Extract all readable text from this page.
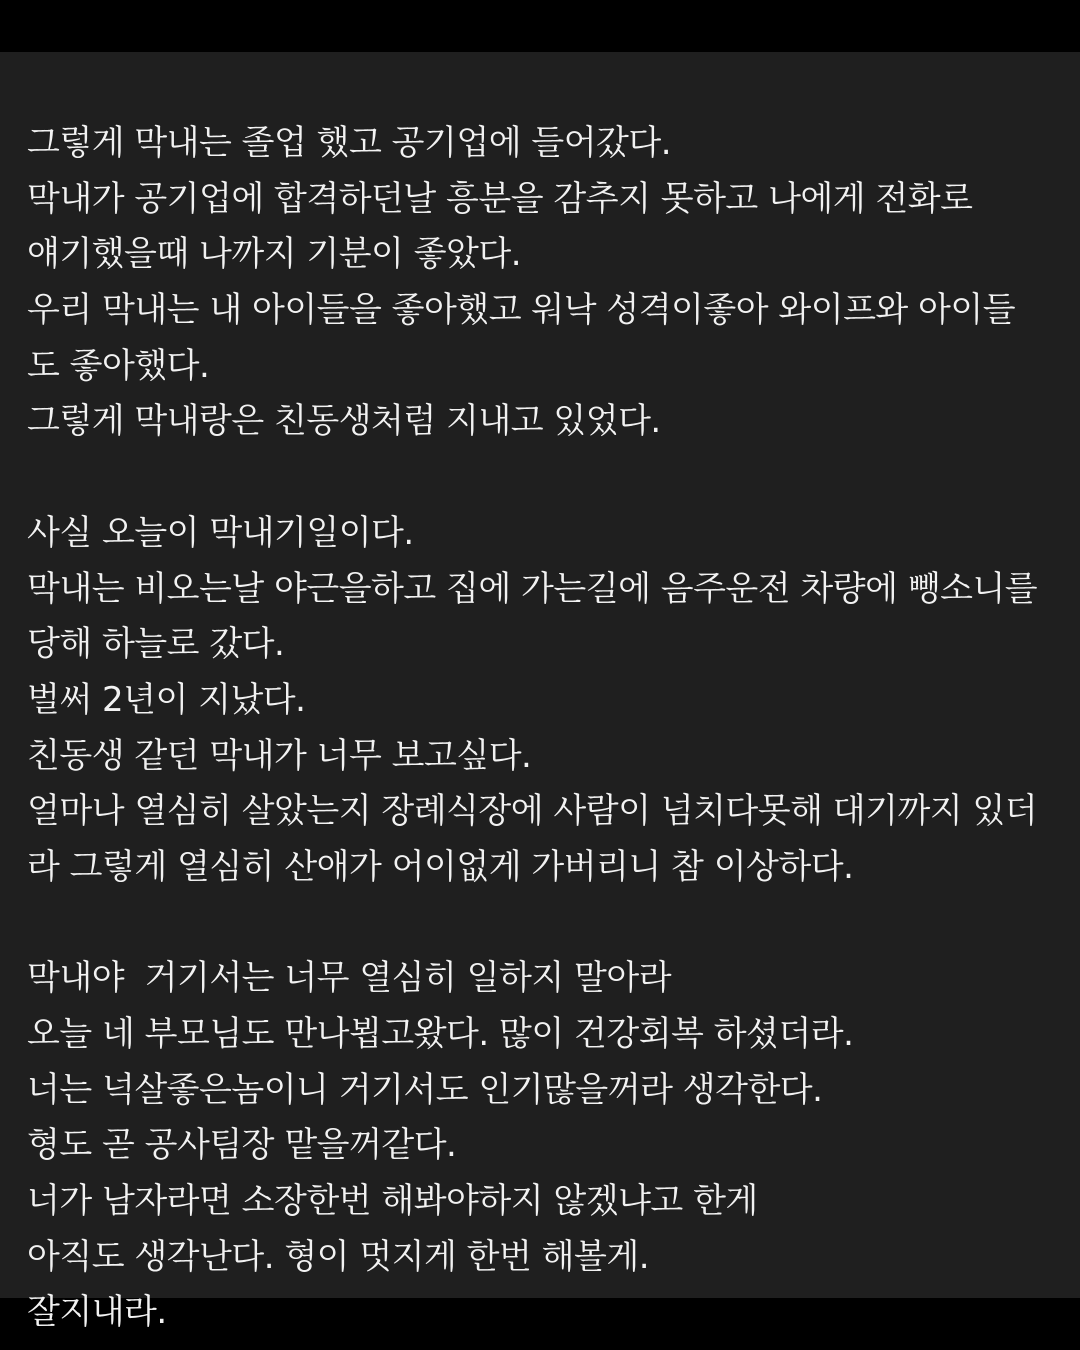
그렇게 막내는 졸업 했고 공기업에 들어갔다.
막내가 공기업에 합격하던날 흥분을 감추지 못하고 나에게 전화로
얘기했을때 나까지 기분이 좋았다.
우리 막내는 내 아이들을 좋아했고 워낙 성격이좋아 와이프와 아이들
도 좋아했다.
그렇게 막내랑은 친동생처럼 지내고 있었다.
사실 오늘이 막내기일이다.
막내는 비오는날 야근을하고 집에 가는길에 음주운전 차량에 뺑소니를
당해 하늘로 갔다.
벌써 2년이 지났다.
친동생 같던 막내가 너무 보고싶다.
얼마나 열심히 살았는지 장례식장에 사람이 넘치다못해 대기까지 있더
라 그렇게 열심히 산애가 어이없게 가버리니 참 이상하다.
막내야  거기서는 너무 열심히 일하지 말아라
오늘 네 부모님도 만나뵙고왔다. 많이 건강회복 하셨더라.
너는 넉살좋은놈이니 거기서도 인기많을꺼라 생각한다.
형도 곧 공사팀장 맡을꺼같다.
너가 남자라면 소장한번 해봐야하지 않겠냐고 한게
아직도 생각난다. 형이 멋지게 한번 해볼게.
잘지내라.
